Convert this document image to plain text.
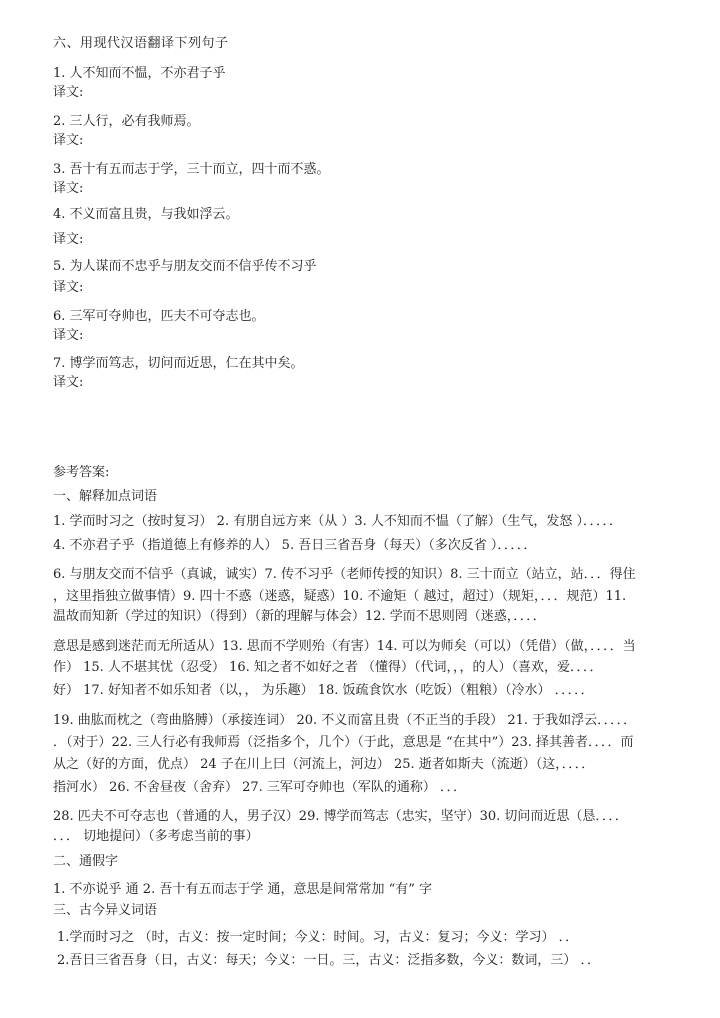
六、用现代汉语翻译下列句子
1. 人不知而不愠，不亦君子乎
译文:
2. 三人行，必有我师焉。
译文:
3. 吾十有五而志于学，三十而立，四十而不惑。
译文:
4. 不义而富且贵，与我如浮云。
译文:
5. 为人谋而不忠乎与朋友交而不信乎传不习乎
译文:
6. 三军可夺帅也，匹夫不可夺志也。
译文:
7. 博学而笃志，切问而近思，仁在其中矣。
译文:
参考答案:
一、解释加点词语
1. 学而时习之（按时复习） 2. 有朋自远方来（从 ）3. 人不知而不愠（了解）（生气，发怒 ）．．．．．
4. 不亦君子乎（指道德上有修养的人） 5. 吾日三省吾身（每天）（多次反省 ）．．．．．
6. 与朋友交而不信乎（真诚，诚实）7. 传不习乎（老师传授的知识）8. 三十而立（站立，站．．．得住
，这里指独立做事情）9. 四十不惑（迷惑，疑惑）10. 不逾矩（ 越过，超过）（规矩，．．．规范）11.
温故而知新（学过的知识）（得到）（新的理解与体会）12. 学而不思则罔（迷惑，．．．．
意思是感到迷茫而无所适从）13. 思而不学则殆（有害）14. 可以为师矣（可以）（凭借）（做，．．．．当
作） 15. 人不堪其忧（忍受） 16. 知之者不如好之者 （懂得）（代词，，，的人）（喜欢，爱．．．．
好） 17. 好知者不如乐知者（以，， 为乐趣） 18. 饭疏食饮水（吃饭）（粗粮）（冷水） ．．．．．
19. 曲肱而枕之（弯曲胳膊）（承接连词） 20. 不义而富且贵（不正当的手段） 21. 于我如浮云．．．．．
．（对于）22. 三人行必有我师焉（泛指多个，几个）（于此，意思是 “在其中”）23. 择其善者．．．．而
从之（好的方面，优点） 24 子在川上曰（河流上，河边） 25. 逝者如斯夫（流逝）（这，．．．．
指河水） 26. 不舍昼夜（舍弃） 27. 三军可夺帅也（军队的通称） ．．．
28. 匹夫不可夺志也（普通的人，男子汉）29. 博学而笃志（忠实，坚守）30. 切问而近思（恳．．．．
．．． 切地提问）（多考虑当前的事）
二、通假字
1. 不亦说乎 通 2. 吾十有五而志于学 通，意思是间常常加 “有” 字
三、古今异义词语
1.学而时习之 （时，古义：按一定时间；今义：时间。习，古义：复习；今义：学习） ．．
2.吾日三省吾身（日，古义：每天；今义：一日。三，古义：泛指多数，今义：数词，三） ．．
